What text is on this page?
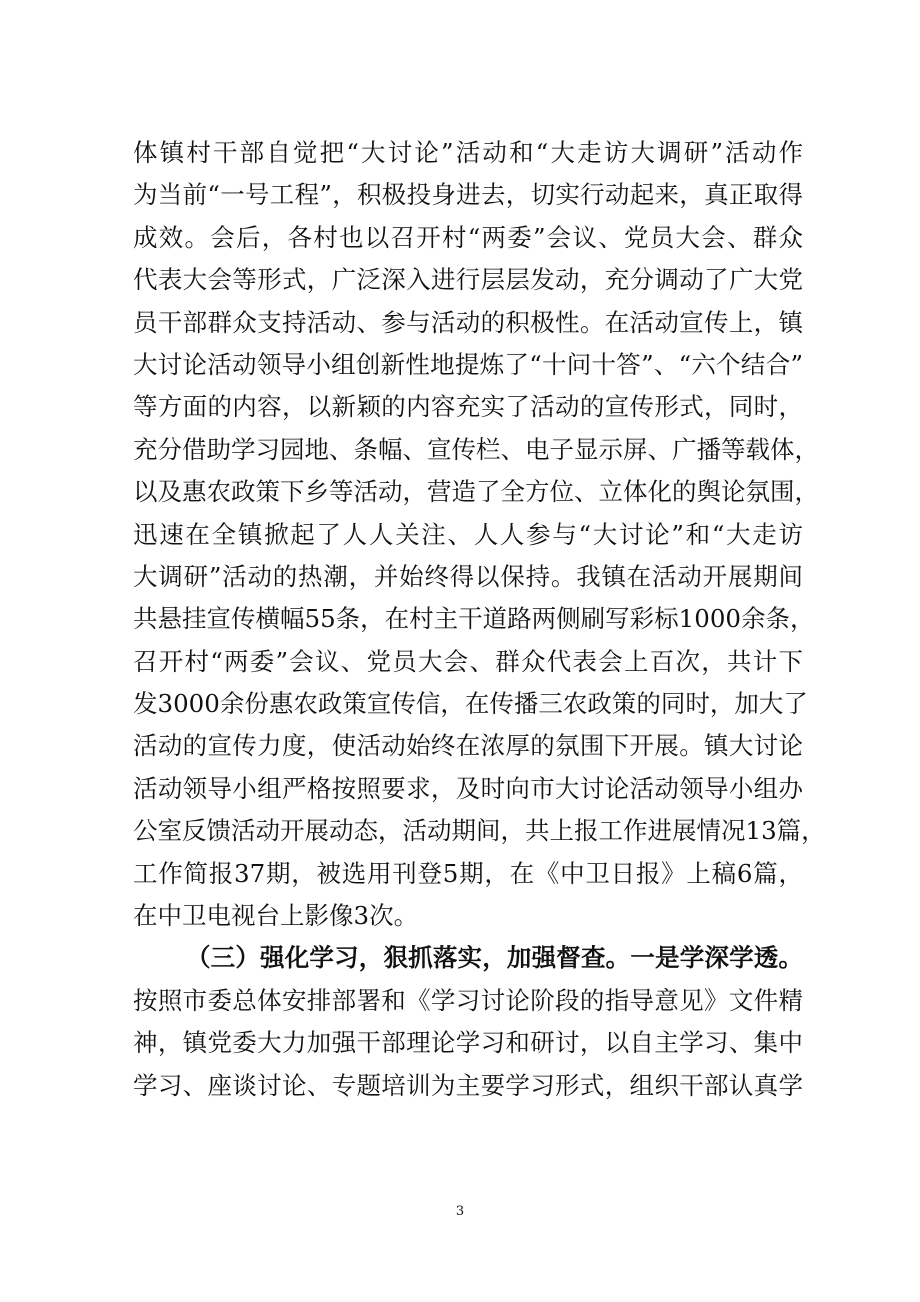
体镇村干部自觉把“大讨论”活动和“大走访大调研”活动作
为当前“一号工程”，积极投身进去，切实行动起来，真正取得
成效。会后，各村也以召开村“两委”会议、党员大会、群众
代表大会等形式，广泛深入进行层层发动，充分调动了广大党
员干部群众支持活动、参与活动的积极性。在活动宣传上，镇
大讨论活动领导小组创新性地提炼了“十问十答”、“六个结合”
等方面的内容，以新颖的内容充实了活动的宣传形式，同时，
充分借助学习园地、条幅、宣传栏、电子显示屏、广播等载体，
以及惠农政策下乡等活动，营造了全方位、立体化的舆论氛围，
迅速在全镇掀起了人人关注、人人参与“大讨论”和“大走访
大调研”活动的热潮，并始终得以保持。我镇在活动开展期间
共悬挂宣传横幅55条，在村主干道路两侧刷写彩标1000余条，
召开村“两委”会议、党员大会、群众代表会上百次，共计下
发3000余份惠农政策宣传信，在传播三农政策的同时，加大了
活动的宣传力度，使活动始终在浓厚的氛围下开展。镇大讨论
活动领导小组严格按照要求，及时向市大讨论活动领导小组办
公室反馈活动开展动态，活动期间，共上报工作进展情况13篇，
工作简报37期，被选用刊登5期，在《中卫日报》上稿6篇，
在中卫电视台上影像3次。
（三）强化学习，狠抓落实，加强督查。一是学深学透。
按照市委总体安排部署和《学习讨论阶段的指导意见》文件精
神，镇党委大力加强干部理论学习和研讨，以自主学习、集中
学习、座谈讨论、专题培训为主要学习形式，组织干部认真学
3
